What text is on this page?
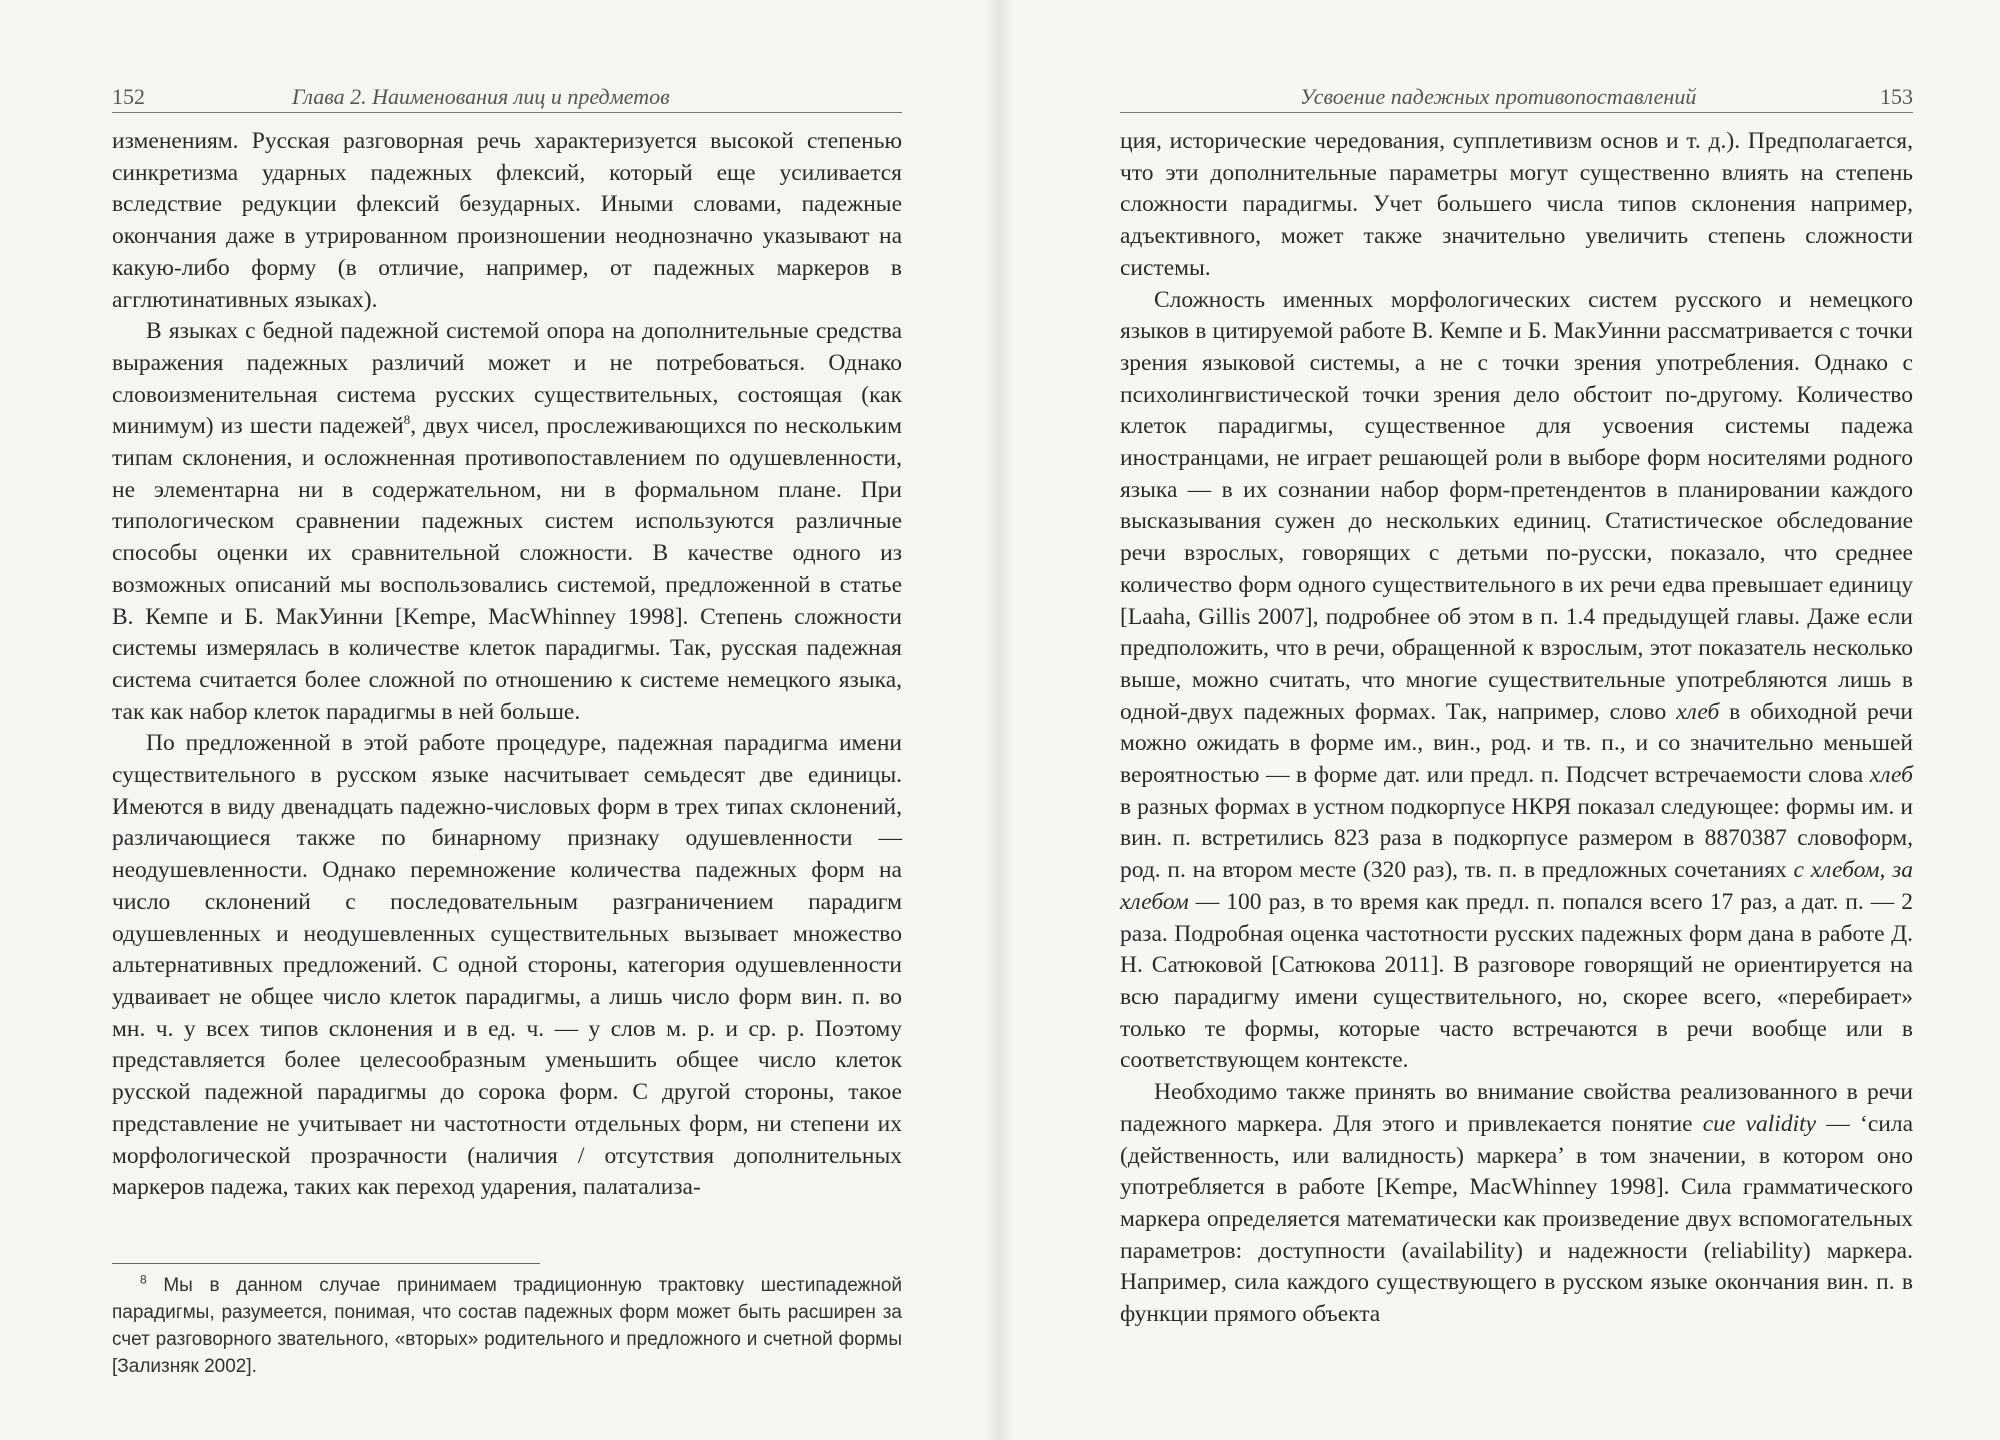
152	Глава 2. Наименования лиц и предметов

изменениям. Русская разговорная речь характеризуется высокой степенью синкретизма ударных падежных флексий, который еще усиливается вследствие редукции флексий безударных. Иными словами, падежные окончания даже в утрированном произношении неоднозначно указывают на какую-либо форму (в отличие, например, от падежных маркеров в агглютинативных языках).

В языках с бедной падежной системой опора на дополнительные средства выражения падежных различий может и не потребоваться. Однако словоизменительная система русских существительных, состоящая (как минимум) из шести падежей$^8$, двух чисел, прослеживающихся по нескольким типам склонения, и осложненная противопоставлением по одушевленности, не элементарна ни в содержательном, ни в формальном плане. При типологическом сравнении падежных систем используются различные способы оценки их сравнительной сложности. В качестве одного из возможных описаний мы воспользовались системой, предложенной в статье В. Кемпе и Б. МакУинни [Kempe, MacWhinney 1998]. Степень сложности системы измерялась в количестве клеток парадигмы. Так, русская падежная система считается более сложной по отношению к системе немецкого языка, так как набор клеток парадигмы в ней больше.

По предложенной в этой работе процедуре, падежная парадигма имени существительного в русском языке насчитывает семьдесят две единицы. Имеются в виду двенадцать падежно-числовых форм в трех типах склонений, различающиеся также по бинарному признаку одушевленности — неодушевленности. Однако перемножение количества падежных форм на число склонений с последовательным разграничением парадигм одушевленных и неодушевленных существительных вызывает множество альтернативных предложений. С одной стороны, категория одушевленности удваивает не общее число клеток парадигмы, а лишь число форм вин. п. во мн. ч. у всех типов склонения и в ед. ч. — у слов м. р. и ср. р. Поэтому представляется более целесообразным уменьшить общее число клеток русской падежной парадигмы до сорока форм. С другой стороны, такое представление не учитывает ни частотности отдельных форм, ни степени их морфологической прозрачности (наличия / отсутствия дополнительных маркеров падежа, таких как переход ударения, палатализа-

$^8$ Мы в данном случае принимаем традиционную трактовку шестипадежной парадигмы, разумеется, понимая, что состав падежных форм может быть расширен за счет разговорного звательного, «вторых» родительного и предложного и счетной формы [Зализняк 2002].

Усвоение падежных противопоставлений	153

ция, исторические чередования, супплетивизм основ и т. д.). Предполагается, что эти дополнительные параметры могут существенно влиять на степень сложности парадигмы. Учет большего числа типов склонения например, адъективного, может также значительно увеличить степень сложности системы.

Сложность именных морфологических систем русского и немецкого языков в цитируемой работе В. Кемпе и Б. МакУинни рассматривается с точки зрения языковой системы, а не с точки зрения употребления. Однако с психолингвистической точки зрения дело обстоит по-другому. Количество клеток парадигмы, существенное для усвоения системы падежа иностранцами, не играет решающей роли в выборе форм носителями родного языка — в их сознании набор форм-претендентов в планировании каждого высказывания сужен до нескольких единиц. Статистическое обследование речи взрослых, говорящих с детьми по-русски, показало, что среднее количество форм одного существительного в их речи едва превышает единицу [Laaha, Gillis 2007], подробнее об этом в п. 1.4 предыдущей главы. Даже если предположить, что в речи, обращенной к взрослым, этот показатель несколько выше, можно считать, что многие существительные употребляются лишь в одной-двух падежных формах. Так, например, слово хлеб в обиходной речи можно ожидать в форме им., вин., род. и тв. п., и со значительно меньшей вероятностью — в форме дат. или предл. п. Подсчет встречаемости слова хлеб в разных формах в устном подкорпусе НКРЯ показал следующее: формы им. и вин. п. встретились 823 раза в подкорпусе размером в 8870387 словоформ, род. п. на втором месте (320 раз), тв. п. в предложных сочетаниях с хлебом, за хлебом — 100 раз, в то время как предл. п. попался всего 17 раз, а дат. п. — 2 раза. Подробная оценка частотности русских падежных форм дана в работе Д. Н. Сатюковой [Сатюкова 2011]. В разговоре говорящий не ориентируется на всю парадигму имени существительного, но, скорее всего, «перебирает» только те формы, которые часто встречаются в речи вообще или в соответствующем контексте.

Необходимо также принять во внимание свойства реализованного в речи падежного маркера. Для этого и привлекается понятие cue validity — ‘сила (действенность, или валидность) маркера’ в том значении, в котором оно употребляется в работе [Kempe, MacWhinney 1998]. Сила грамматического маркера определяется математически как произведение двух вспомогательных параметров: доступности (availability) и надежности (reliability) маркера. Например, сила каждого существующего в русском языке окончания вин. п. в функции прямого объекта
